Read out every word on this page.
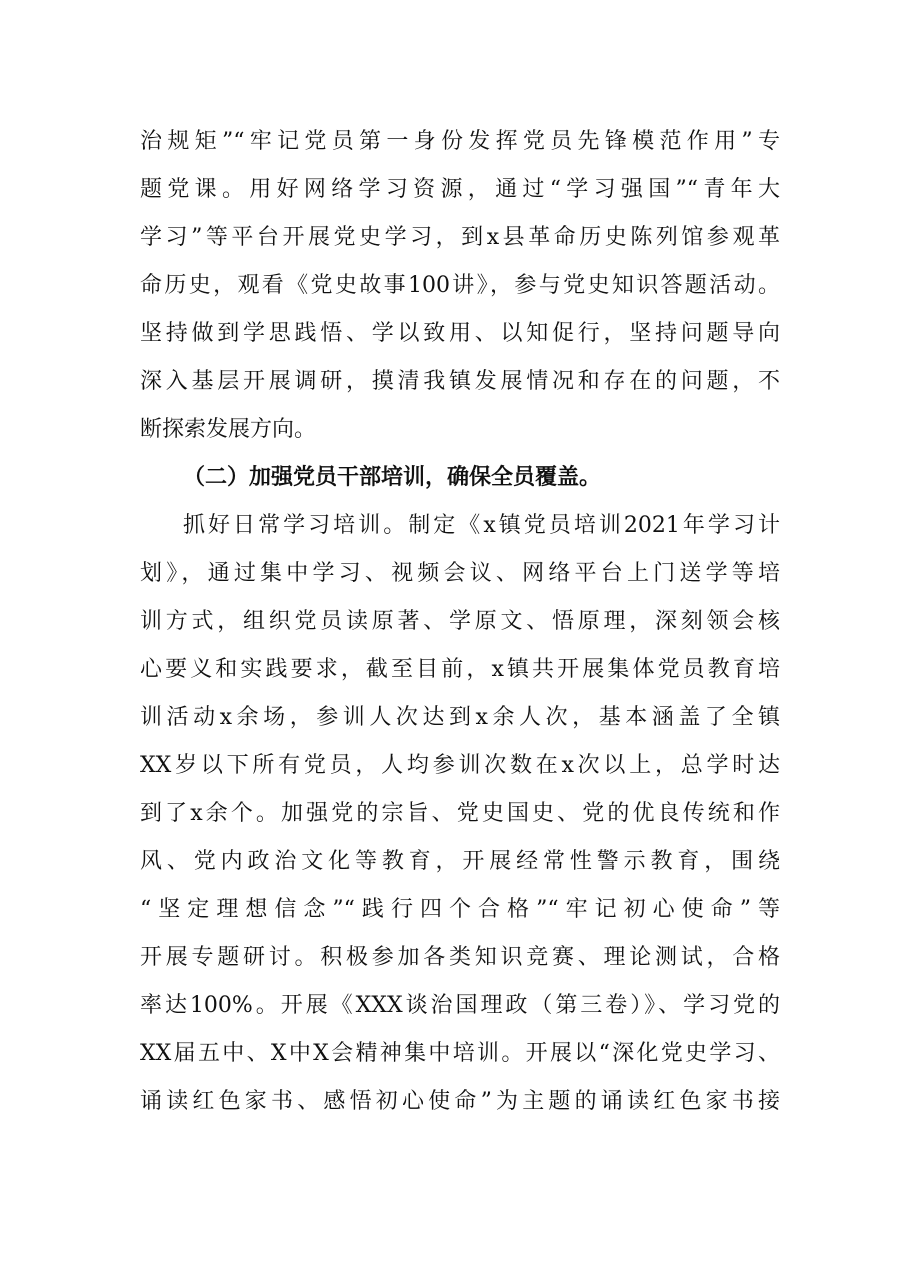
治规矩”“牢记党员第一身份发挥党员先锋模范作用”专
题党课。用好网络学习资源，通过“学习强国”“青年大
学习”等平台开展党史学习，到x县革命历史陈列馆参观革
命历史，观看《党史故事100讲》，参与党史知识答题活动。
坚持做到学思践悟、学以致用、以知促行，坚持问题导向
深入基层开展调研，摸清我镇发展情况和存在的问题，不
断探索发展方向。
（二）加强党员干部培训，确保全员覆盖。
抓好日常学习培训。制定《x镇党员培训2021年学习计
划》，通过集中学习、视频会议、网络平台上门送学等培
训方式，组织党员读原著、学原文、悟原理，深刻领会核
心要义和实践要求，截至目前，x镇共开展集体党员教育培
训活动x余场，参训人次达到x余人次，基本涵盖了全镇
XX岁以下所有党员，人均参训次数在x次以上，总学时达
到了x余个。加强党的宗旨、党史国史、党的优良传统和作
风、党内政治文化等教育，开展经常性警示教育，围绕
“坚定理想信念”“践行四个合格”“牢记初心使命”等
开展专题研讨。积极参加各类知识竞赛、理论测试，合格
率达100%。开展《XXX谈治国理政（第三卷）》、学习党的
XX届五中、X中X会精神集中培训。开展以“深化党史学习、
诵读红色家书、感悟初心使命”为主题的诵读红色家书接
